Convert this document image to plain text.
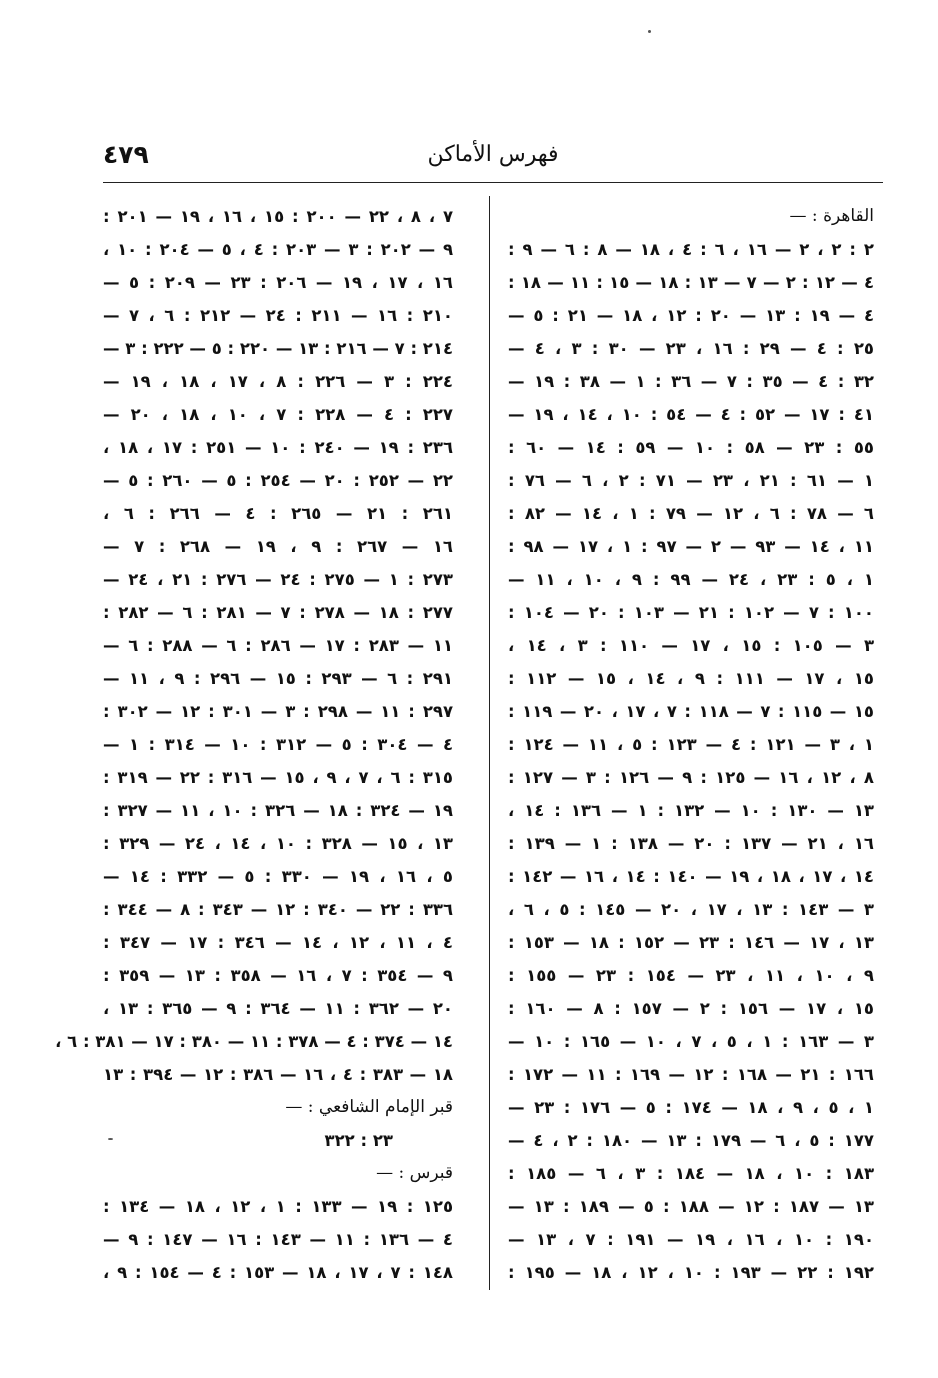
٤٧٩	فهرس الأماكن
القاهرة : —
٢ : ٢ ، ٢ — ١٦ ، ٦ : ٤ ، ١٨ — ٨ : ٦ — ٩ :
٤ — ١٢ : ٢ — ٧ — ١٣ : ١٨ — ١٥ : ١١ — ١٨ :
٤ — ١٩ : ١٣ — ٢٠ : ١٢ ، ١٨ — ٢١ : ٥ —
٢٥ : ٤ — ٢٩ : ١٦ ، ٢٣ — ٣٠ : ٣ ، ٤ —
٣٢ : ٤ — ٣٥ : ٧ — ٣٦ : ١ — ٣٨ : ١٩ —
٤١ : ١٧ — ٥٢ : ٤ — ٥٤ : ١٠ ، ١٤ ، ١٩ —
٥٥ : ٢٣ — ٥٨ : ١٠ — ٥٩ : ١٤ — ٦٠ :
١ — ٦١ : ٢١ ، ٢٣ — ٧١ : ٢ ، ٦ — ٧٦ :
٦ — ٧٨ : ٦ ، ١٢ — ٧٩ : ١ ، ١٤ — ٨٢ :
١١ ، ١٤ — ٩٣ — ٢ — ٩٧ : ١ ، ١٧ — ٩٨ :
١ ، ٥ : ٢٣ ، ٢٤ — ٩٩ : ٩ ، ١٠ ، ١١ —
١٠٠ : ٧ — ١٠٢ : ٢١ — ١٠٣ : ٢٠ — ١٠٤ :
٣ — ١٠٥ : ١٥ ، ١٧ — ١١٠ : ٣ ، ١٤ ،
١٥ ، ١٧ — ١١١ : ٩ ، ١٤ ، ١٥ — ١١٢ :
١٥ — ١١٥ : ٧ — ١١٨ : ٧ ، ١٧ ، ٢٠ — ١١٩ :
١ ، ٣ — ١٢١ : ٤ — ١٢٣ : ٥ ، ١١ — ١٢٤ :
٨ ، ١٢ ، ١٦ — ١٢٥ : ٩ — ١٢٦ : ٣ — ١٢٧ :
١٣ — ١٣٠ : ١٠ — ١٣٢ : ١ — ١٣٦ : ١٤ ،
١٦ ، ٢١ — ١٣٧ : ٢٠ — ١٣٨ : ١ — ١٣٩ :
١٤ ، ١٧ ، ١٨ ، ١٩ — ١٤٠ : ١٤ ، ١٦ — ١٤٢ :
٣ — ١٤٣ : ١٣ ، ١٧ ، ٢٠ — ١٤٥ : ٥ ، ٦ ،
١٣ ، ١٧ — ١٤٦ : ٢٣ — ١٥٢ : ١٨ — ١٥٣ :
٩ ، ١٠ ، ١١ ، ٢٣ — ١٥٤ : ٢٣ — ١٥٥ :
١٥ ، ١٧ — ١٥٦ : ٢ — ١٥٧ : ٨ — ١٦٠ :
٣ — ١٦٣ : ١ ، ٥ ، ٧ ، ١٠ — ١٦٥ : ١٠ —
١٦٦ : ٢١ — ١٦٨ : ١٢ — ١٦٩ : ١١ — ١٧٢ :
١ ، ٥ ، ٩ ، ١٨ — ١٧٤ : ٥ — ١٧٦ : ٢٣ —
١٧٧ : ٥ ، ٦ — ١٧٩ : ١٣ — ١٨٠ : ٢ ، ٤ —
١٨٣ : ١٠ ، ١٨ — ١٨٤ : ٣ ، ٦ — ١٨٥ :
١٣ — ١٨٧ : ١٢ — ١٨٨ : ٥ — ١٨٩ : ١٣ —
١٩٠ : ١٠ ، ١٦ ، ١٩ — ١٩١ : ٧ ، ١٣ —
١٩٢ : ٢٢ — ١٩٣ : ١٠ ، ١٢ ، ١٨ — ١٩٥ :
٧ ، ٨ ، ٢٢ — ٢٠٠ : ١٥ ، ١٦ ، ١٩ — ٢٠١ :
٩ — ٢٠٢ : ٣ — ٢٠٣ : ٤ ، ٥ — ٢٠٤ : ١٠ ،
١٦ ، ١٧ ، ١٩ — ٢٠٦ : ٢٣ — ٢٠٩ : ٥ —
٢١٠ : ١٦ — ٢١١ : ٢٤ — ٢١٢ : ٦ ، ٧ —
٢١٤ : ٧ — ٢١٦ : ١٣ — ٢٢٠ : ٥ — ٢٢٢ : ٣ —
٢٢٤ : ٣ — ٢٢٦ : ٨ ، ١٧ ، ١٨ ، ١٩ —
٢٢٧ : ٤ — ٢٢٨ : ٧ ، ١٠ ، ١٨ ، ٢٠ —
٢٣٦ : ١٩ — ٢٤٠ : ١٠ — ٢٥١ : ١٧ ، ١٨ ،
٢٢ — ٢٥٢ : ٢٠ — ٢٥٤ : ٥ — ٢٦٠ : ٥ —
٢٦١ : ٢١ — ٢٦٥ : ٤ — ٢٦٦ : ٦ ،
١٦ — ٢٦٧ : ٩ ، ١٩ — ٢٦٨ : ٧ —
٢٧٣ : ١ — ٢٧٥ : ٢٤ — ٢٧٦ : ٢١ ، ٢٤ —
٢٧٧ : ١٨ — ٢٧٨ : ٧ — ٢٨١ : ٦ — ٢٨٢ :
١١ — ٢٨٣ : ١٧ — ٢٨٦ : ٦ — ٢٨٨ : ٦ —
٢٩١ : ٦ — ٢٩٣ : ١٥ — ٢٩٦ : ٩ ، ١١ —
٢٩٧ : ١١ — ٢٩٨ : ٣ — ٣٠١ : ١٢ — ٣٠٢ :
٤ — ٣٠٤ : ٥ — ٣١٢ : ١٠ — ٣١٤ : ١ —
٣١٥ : ٦ ، ٧ ، ٩ ، ١٥ — ٣١٦ : ٢٢ — ٣١٩ :
١٩ — ٣٢٤ : ١٨ — ٣٢٦ : ١٠ ، ١١ — ٣٢٧ :
١٣ ، ١٥ — ٣٢٨ : ١٠ ، ١٤ ، ٢٤ — ٣٢٩ :
٥ ، ١٦ ، ١٩ — ٣٣٠ : ٥ — ٣٣٢ : ١٤ —
٣٣٦ : ٢٢ — ٣٤٠ : ١٢ — ٣٤٣ : ٨ — ٣٤٤ :
٤ ، ١١ ، ١٢ ، ١٤ — ٣٤٦ : ١٧ — ٣٤٧ :
٩ — ٣٥٤ : ٧ ، ١٦ — ٣٥٨ : ١٣ — ٣٥٩ :
٢٠ — ٣٦٢ : ١١ — ٣٦٤ : ٩ — ٣٦٥ : ١٣ ،
١٤ — ٣٧٤ : ٤ — ٣٧٨ : ١١ — ٣٨٠ : ١٧ — ٣٨١ : ٦ ،
١٨ — ٣٨٣ : ٤ ، ١٦ — ٣٨٦ : ١٢ — ٣٩٤ : ١٣
قبر الإمام الشافعي : —
٢٣ : ٣٢٢
قبرس : —
١٢٥ : ١٩ — ١٣٣ : ١ ، ١٢ ، ١٨ — ١٣٤ :
٤ — ١٣٦ : ١١ — ١٤٣ : ١٦ — ١٤٧ : ٩ —
١٤٨ : ٧ ، ١٧ ، ١٨ — ١٥٣ : ٤ — ١٥٤ : ٩ ،
